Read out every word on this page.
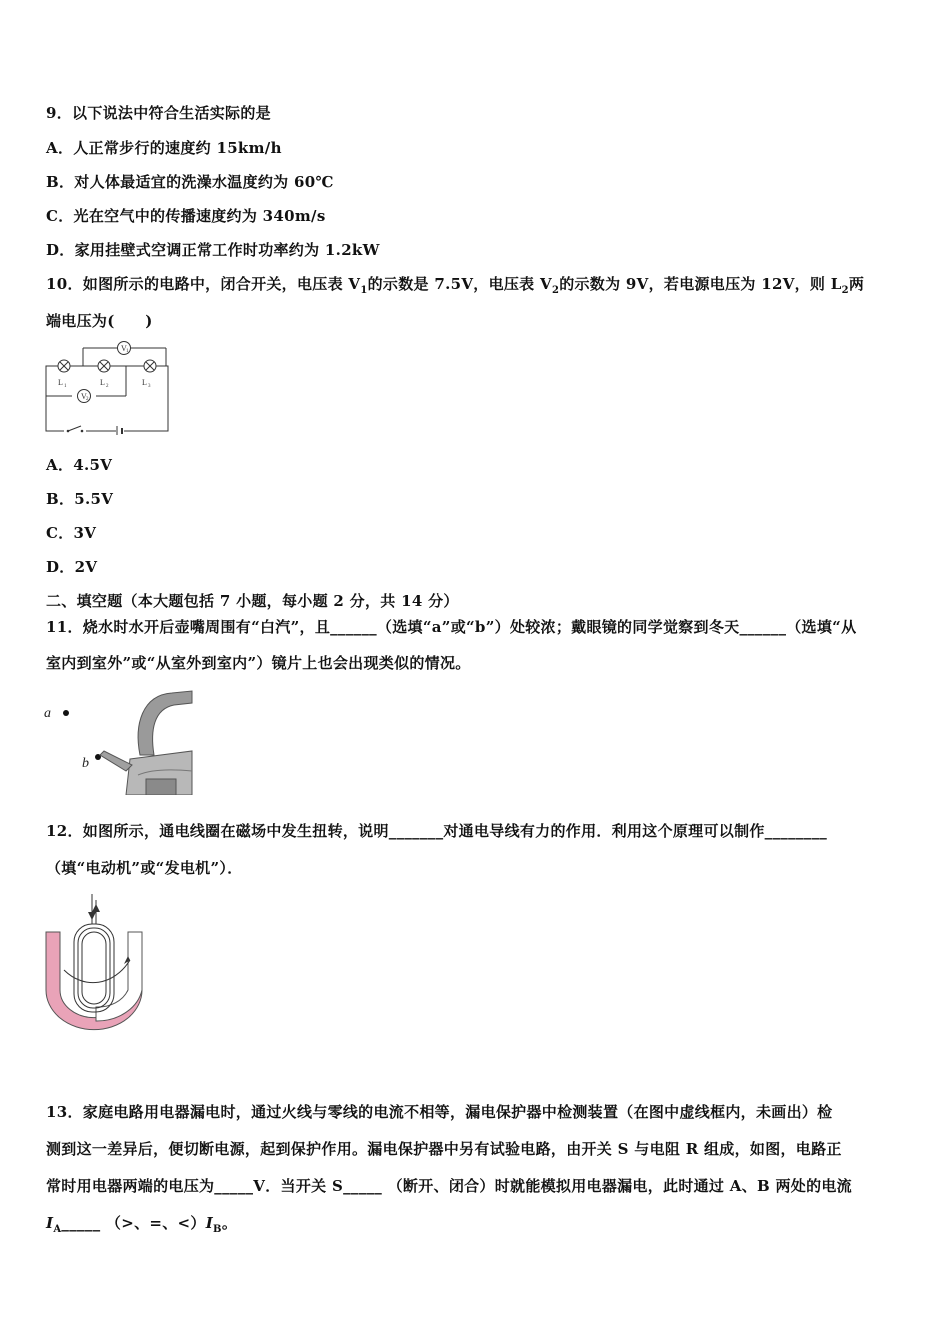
9．以下说法中符合生活实际的是
A．人正常步行的速度约 15km/h
B．对人体最适宜的洗澡水温度约为 60℃
C．光在空气中的传播速度约为 340m/s
D．家用挂壁式空调正常工作时功率约为 1.2kW
10．如图所示的电路中，闭合开关，电压表 $V_1$的示数是 7.5V，电压表 $V_2$的示数为 9V，若电源电压为 12V，则 $L_2$两
端电压为(　　)
V 1
V 2
L 1	L 2	L 3
A．4.5V
B．5.5V
C．3V
D．2V
二、填空题（本大题包括 7 小题，每小题 2 分，共 14 分）
11．烧水时水开后壶嘴周围有“白汽”，且______（选填“a”或“b”）处较浓；戴眼镜的同学觉察到冬天______（选填“从
室内到室外”或“从室外到室内”）镜片上也会出现类似的情况。
a
b
12．如图所示，通电线圈在磁场中发生扭转，说明_______对通电导线有力的作用．利用这个原理可以制作________
（填“电动机”或“发电机”）．
13．家庭电路用电器漏电时，通过火线与零线的电流不相等，漏电保护器中检测装置（在图中虚线框内，未画出）检
测到这一差异后，便切断电源，起到保护作用。漏电保护器中另有试验电路，由开关 S 与电阻 R 组成，如图，电路正
常时用电器两端的电压为_____V．当开关 S_____ （断开、闭合）时就能模拟用电器漏电，此时通过 A、B 两处的电流
$I_A\_\_\_\_\_$ （>、=、$<)I_B$。
